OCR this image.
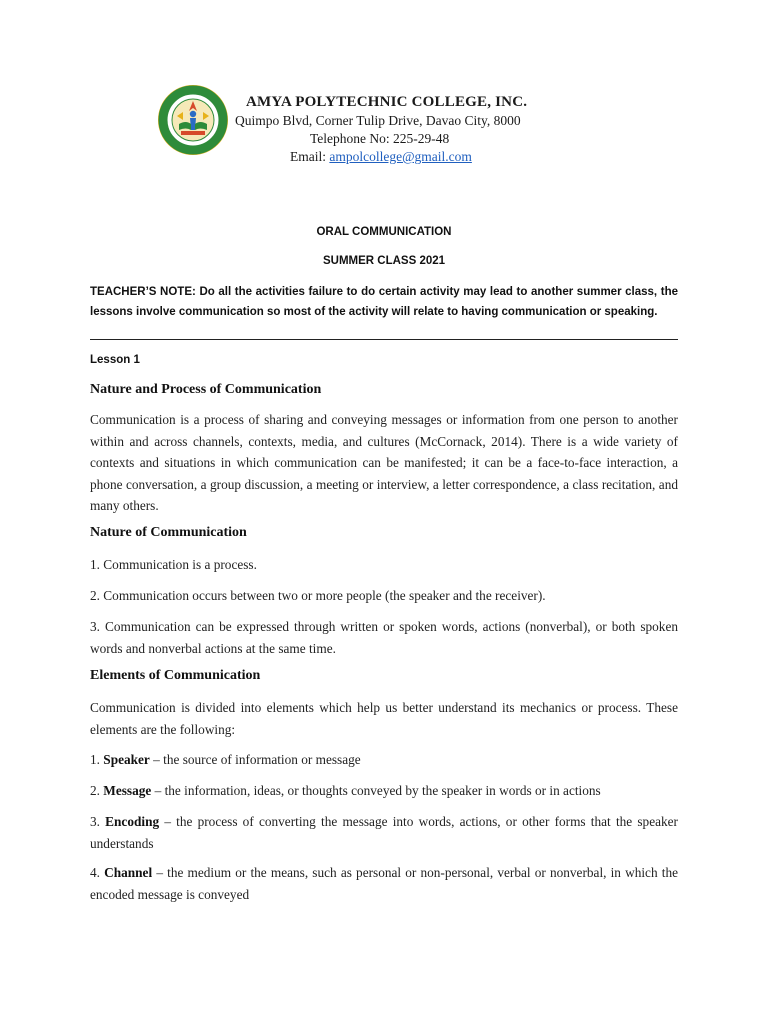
AMYA POLYTECHNIC COLLEGE, INC.
Quimpo Blvd, Corner Tulip Drive, Davao City, 8000
Telephone No: 225-29-48
Email: ampolcollege@gmail.com
ORAL COMMUNICATION
SUMMER CLASS 2021
TEACHER’S NOTE: Do all the activities failure to do certain activity may lead to another summer class, the lessons involve communication so most of the activity will relate to having communication or speaking.
Lesson 1
Nature and Process of Communication
Communication is a process of sharing and conveying messages or information from one person to another within and across channels, contexts, media, and cultures (McCornack, 2014). There is a wide variety of contexts and situations in which communication can be manifested; it can be a face-to-face interaction, a phone conversation, a group discussion, a meeting or interview, a letter correspondence, a class recitation, and many others.
Nature of Communication
1. Communication is a process.
2. Communication occurs between two or more people (the speaker and the receiver).
3. Communication can be expressed through written or spoken words, actions (nonverbal), or both spoken words and nonverbal actions at the same time.
Elements of Communication
Communication is divided into elements which help us better understand its mechanics or process. These elements are the following:
1. Speaker – the source of information or message
2. Message – the information, ideas, or thoughts conveyed by the speaker in words or in actions
3. Encoding – the process of converting the message into words, actions, or other forms that the speaker understands
4. Channel – the medium or the means, such as personal or non-personal, verbal or nonverbal, in which the encoded message is conveyed
